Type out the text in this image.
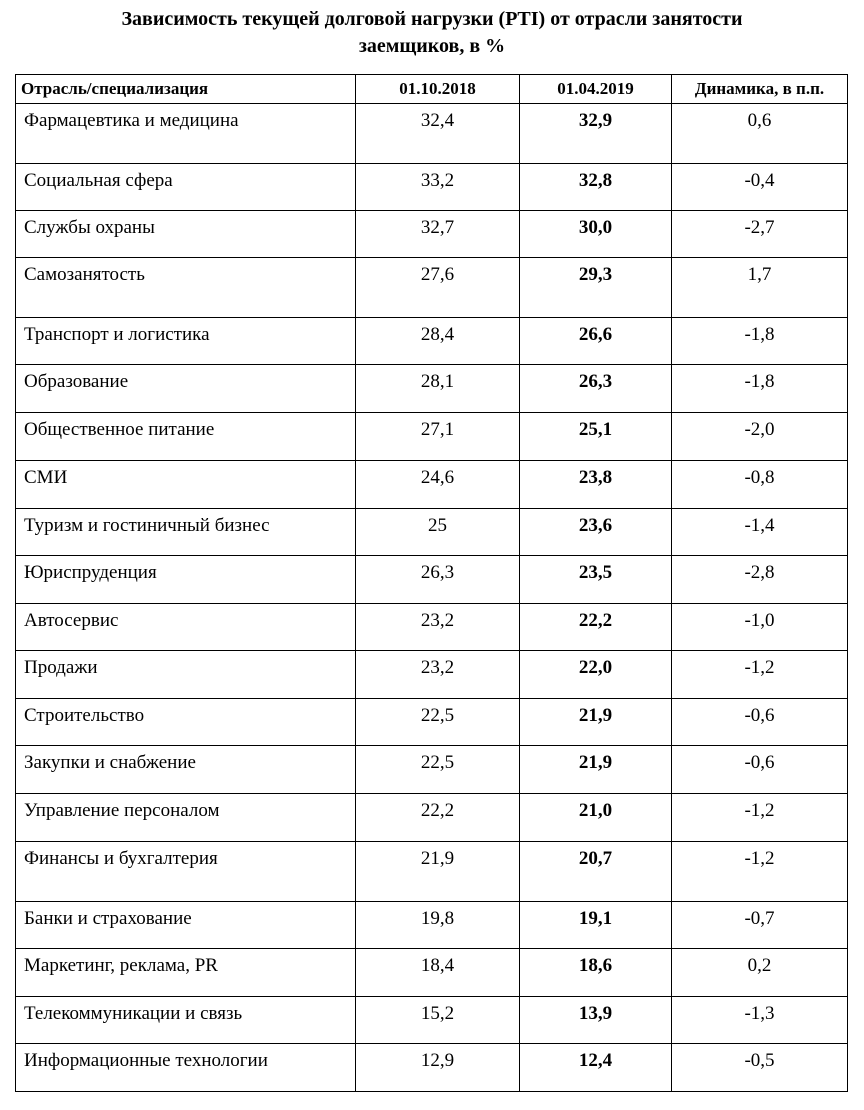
Зависимость текущей долговой нагрузки (PTI) от отрасли занятости
заемщиков, в %
Отрасль/специализация	01.10.2018	01.04.2019	Динамика, в п.п.
Фармацевтика и медицина	32,4	32,9	0,6
Социальная сфера	33,2	32,8	-0,4
Службы охраны	32,7	30,0	-2,7
Самозанятость	27,6	29,3	1,7
Транспорт и логистика	28,4	26,6	-1,8
Образование	28,1	26,3	-1,8
Общественное питание	27,1	25,1	-2,0
СМИ	24,6	23,8	-0,8
Туризм и гостиничный бизнес	25	23,6	-1,4
Юриспруденция	26,3	23,5	-2,8
Автосервис	23,2	22,2	-1,0
Продажи	23,2	22,0	-1,2
Строительство	22,5	21,9	-0,6
Закупки и снабжение	22,5	21,9	-0,6
Управление персоналом	22,2	21,0	-1,2
Финансы и бухгалтерия	21,9	20,7	-1,2
Банки и страхование	19,8	19,1	-0,7
Маркетинг, реклама, PR	18,4	18,6	0,2
Телекоммуникации и связь	15,2	13,9	-1,3
Информационные технологии	12,9	12,4	-0,5
